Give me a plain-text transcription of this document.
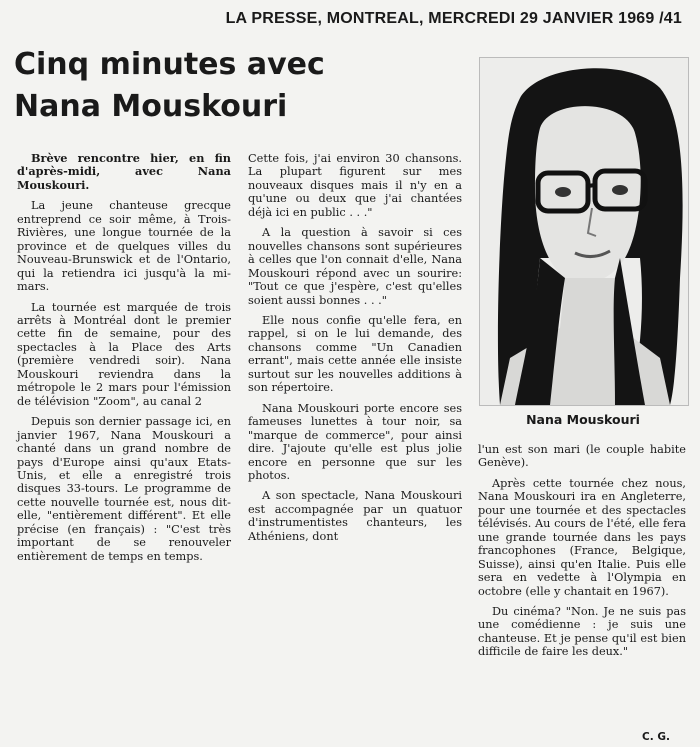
LA PRESSE, MONTREAL, MERCREDI 29 JANVIER 1969 /41
Cinq minutes avec
Nana Mouskouri

Brève rencontre hier, en fin d'après-midi, avec Nana Mouskouri.

La jeune chanteuse grecque entreprend ce soir même, à Trois-Rivières, une longue tournée de la province et de quelques villes du Nouveau-Brunswick et de l'Ontario, qui la retiendra ici jusqu'à la mi-mars.

La tournée est marquée de trois arrêts à Montréal dont le premier cette fin de semaine, pour des spectacles à la Place des Arts (première vendredi soir). Nana Mouskouri reviendra dans la métropole le 2 mars pour l'émission de télévision "Zoom", au canal 2

Depuis son dernier passage ici, en janvier 1967, Nana Mouskouri a chanté dans un grand nombre de pays d'Europe ainsi qu'aux Etats-Unis, et elle a enregistré trois disques 33-tours. Le programme de cette nouvelle tournée est, nous dit-elle, "entièrement différent". Et elle précise (en français) : "C'est très important de se renouveler entièrement de temps en temps.

Cette fois, j'ai environ 30 chansons. La plupart figurent sur mes nouveaux disques mais il n'y en a qu'une ou deux que j'ai chantées déjà ici en public . . ."

A la question à savoir si ces nouvelles chansons sont supérieures à celles que l'on connait d'elle, Nana Mouskouri répond avec un sourire: "Tout ce que j'espère, c'est qu'elles soient aussi bonnes . . ."

Elle nous confie qu'elle fera, en rappel, si on le lui demande, des chansons comme "Un Canadien errant", mais cette année elle insiste surtout sur les nouvelles additions à son répertoire.

Nana Mouskouri porte encore ses fameuses lunettes à tour noir, sa "marque de commerce", pour ainsi dire. J'ajoute qu'elle est plus jolie encore en personne que sur les photos.

A son spectacle, Nana Mouskouri est accompagnée par un quatuor d'instrumentistes chanteurs, les Athéniens, dont

Nana Mouskouri

l'un est son mari (le couple habite Genève).

Après cette tournée chez nous, Nana Mouskouri ira en Angleterre, pour une tournée et des spectacles télévisés. Au cours de l'été, elle fera une grande tournée dans les pays francophones (France, Belgique, Suisse), ainsi qu'en Italie. Puis elle sera en vedette à l'Olympia en octobre (elle y chantait en 1967).

Du cinéma? "Non. Je ne suis pas une comédienne : je suis une chanteuse. Et je pense qu'il est bien difficile de faire les deux."

C. G.
